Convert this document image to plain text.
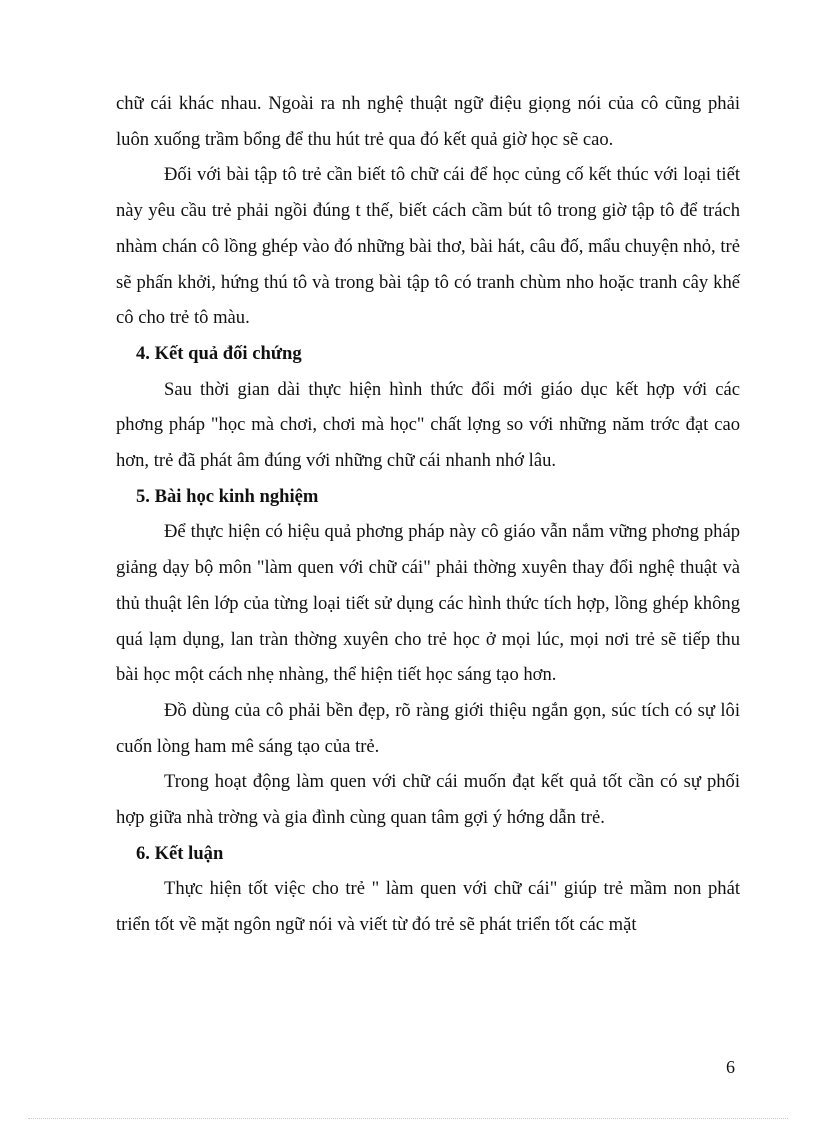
chữ cái khác nhau. Ngoài ra nh nghệ thuật ngữ điệu giọng nói của cô cũng phải luôn xuống trầm bổng để thu hút trẻ qua đó kết quả giờ học sẽ cao.

Đối với bài tập tô trẻ cần biết tô chữ cái để học củng cố kết thúc với loại tiết này yêu cầu trẻ phải ngồi đúng t thế, biết cách cầm bút tô trong giờ tập tô để trách nhàm chán cô lồng ghép vào đó những bài thơ, bài hát, câu đố, mẩu chuyện nhỏ, trẻ sẽ phấn khởi, hứng thú tô và trong bài tập tô có tranh chùm nho hoặc tranh cây khế cô cho trẻ tô màu.

4. Kết quả đối chứng

Sau thời gian dài thực hiện hình thức đổi mới giáo dục kết hợp với các phơng pháp "học mà chơi, chơi mà học" chất lợng so với những năm trớc đạt cao hơn, trẻ đã phát âm đúng với những chữ cái nhanh nhớ lâu.

5. Bài học kinh nghiệm

Để thực hiện có hiệu quả phơng pháp này cô giáo vẫn nắm vững phơng pháp giảng dạy bộ môn "làm quen với chữ cái" phải thờng xuyên thay đổi nghệ thuật và thủ thuật lên lớp của từng loại tiết sử dụng các hình thức tích hợp, lồng ghép không quá lạm dụng, lan tràn thờng xuyên cho trẻ học ở mọi lúc, mọi nơi trẻ sẽ tiếp thu bài học một cách nhẹ nhàng, thể hiện tiết học sáng tạo hơn.

Đồ dùng của cô phải bền đẹp, rõ ràng giới thiệu ngắn gọn, súc tích có sự lôi cuốn lòng ham mê sáng tạo của trẻ.

Trong hoạt động làm quen với chữ cái muốn đạt kết quả tốt cần có sự phối hợp giữa nhà trờng và gia đình cùng quan tâm gợi ý hớng dẫn trẻ.

6. Kết luận

Thực hiện tốt việc cho trẻ " làm quen với chữ cái" giúp trẻ mầm non phát triển tốt về mặt ngôn ngữ nói và viết từ đó trẻ sẽ phát triển tốt các mặt

6
